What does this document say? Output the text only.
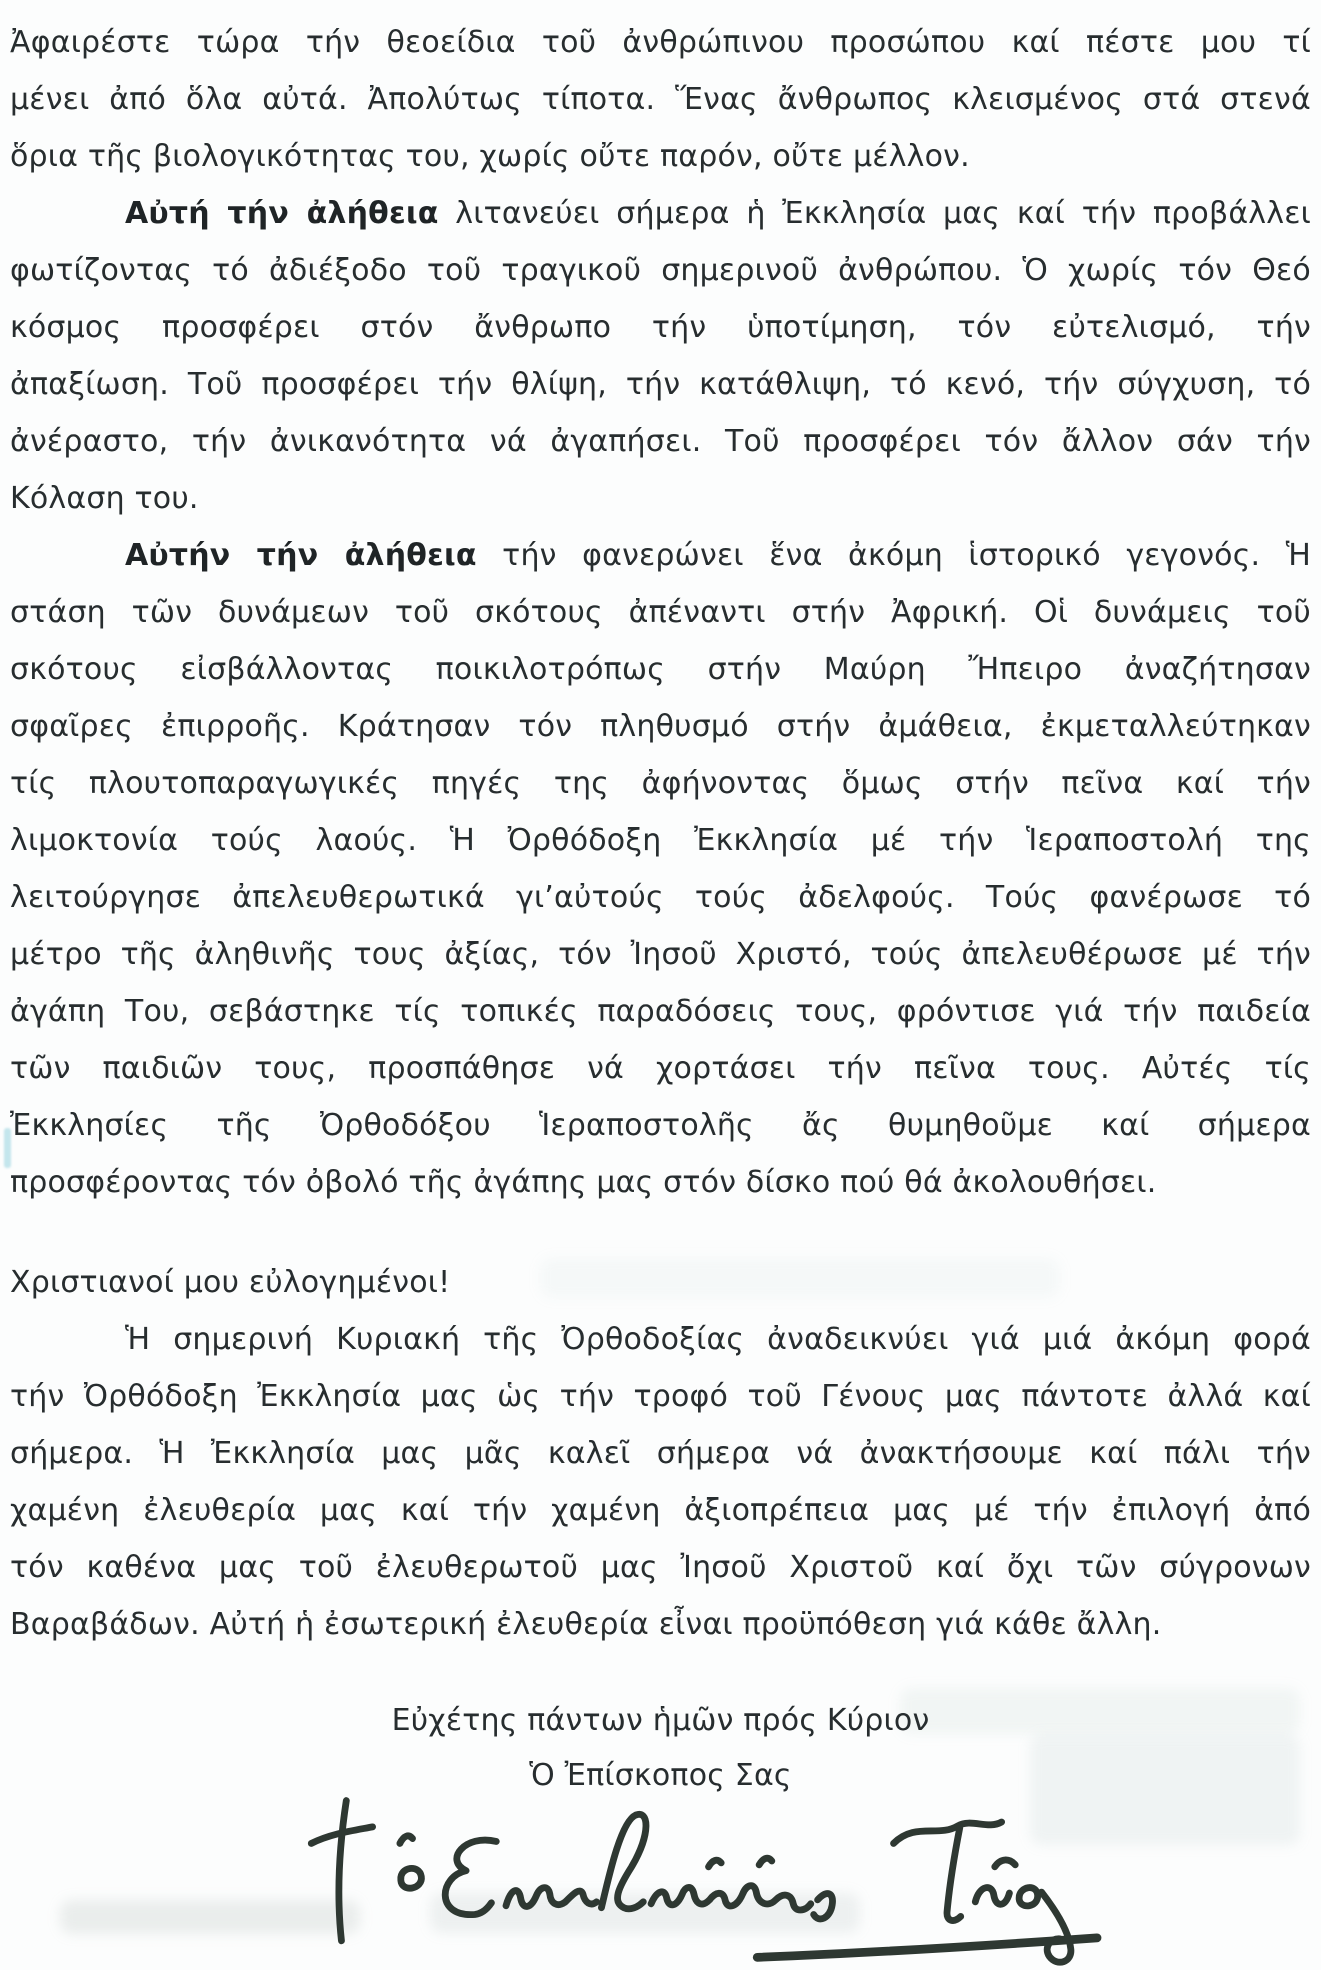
Ἀφαιρέστε τώρα τήν θεοείδια τοῦ ἀνθρώπινου προσώπου καί πέστε μου τί
μένει ἀπό ὅλα αὐτά. Ἀπολύτως τίποτα. Ἕνας ἄνθρωπος κλεισμένος στά στενά
ὅρια τῆς βιολογικότητας του, χωρίς οὔτε παρόν, οὔτε μέλλον.
Αὐτή τήν ἀλήθεια λιτανεύει σήμερα ἡ Ἐκκλησία μας καί τήν προβάλλει
φωτίζοντας τό ἀδιέξοδο τοῦ τραγικοῦ σημερινοῦ ἀνθρώπου. Ὁ χωρίς τόν Θεό
κόσμος προσφέρει στόν ἄνθρωπο τήν ὑποτίμηση, τόν εὐτελισμό, τήν
ἀπαξίωση. Τοῦ προσφέρει τήν θλίψη, τήν κατάθλιψη, τό κενό, τήν σύγχυση, τό
ἀνέραστο, τήν ἀνικανότητα νά ἀγαπήσει. Τοῦ προσφέρει τόν ἄλλον σάν τήν
Κόλαση του.
Αὐτήν τήν ἀλήθεια τήν φανερώνει ἕνα ἀκόμη ἱστορικό γεγονός. Ἡ
στάση τῶν δυνάμεων τοῦ σκότους ἀπέναντι στήν Ἀφρική. Οἱ δυνάμεις τοῦ
σκότους εἰσβάλλοντας ποικιλοτρόπως στήν Μαύρη Ἤπειρο ἀναζήτησαν
σφαῖρες ἐπιρροῆς. Κράτησαν τόν πληθυσμό στήν ἀμάθεια, ἐκμεταλλεύτηκαν
τίς πλουτοπαραγωγικές πηγές της ἀφήνοντας ὅμως στήν πεῖνα καί τήν
λιμοκτονία τούς λαούς. Ἡ Ὀρθόδοξη Ἐκκλησία μέ τήν Ἱεραποστολή της
λειτούργησε ἀπελευθερωτικά γι’αὐτούς τούς ἀδελφούς. Τούς φανέρωσε τό
μέτρο τῆς ἀληθινῆς τους ἀξίας, τόν Ἰησοῦ Χριστό, τούς ἀπελευθέρωσε μέ τήν
ἀγάπη Του, σεβάστηκε τίς τοπικές παραδόσεις τους, φρόντισε γιά τήν παιδεία
τῶν παιδιῶν τους, προσπάθησε νά χορτάσει τήν πεῖνα τους. Αὐτές τίς
Ἐκκλησίες τῆς Ὀρθοδόξου Ἱεραποστολῆς ἄς θυμηθοῦμε καί σήμερα
προσφέροντας τόν ὀβολό τῆς ἀγάπης μας στόν δίσκο πού θά ἀκολουθήσει.
Χριστιανοί μου εὐλογημένοι!
Ἡ σημερινή Κυριακή τῆς Ὀρθοδοξίας ἀναδεικνύει γιά μιά ἀκόμη φορά
τήν Ὀρθόδοξη Ἐκκλησία μας ὡς τήν τροφό τοῦ Γένους μας πάντοτε ἀλλά καί
σήμερα. Ἡ Ἐκκλησία μας μᾶς καλεῖ σήμερα νά ἀνακτήσουμε καί πάλι τήν
χαμένη ἐλευθερία μας καί τήν χαμένη ἀξιοπρέπεια μας μέ τήν ἐπιλογή ἀπό
τόν καθένα μας τοῦ ἐλευθερωτοῦ μας Ἰησοῦ Χριστοῦ καί ὄχι τῶν σύγρονων
Βαραβάδων. Αὐτή ἡ ἐσωτερική ἐλευθερία εἶναι προϋπόθεση γιά κάθε ἄλλη.
Εὐχέτης πάντων ἡμῶν πρός Κύριον
Ὁ Ἐπίσκοπος Σας
